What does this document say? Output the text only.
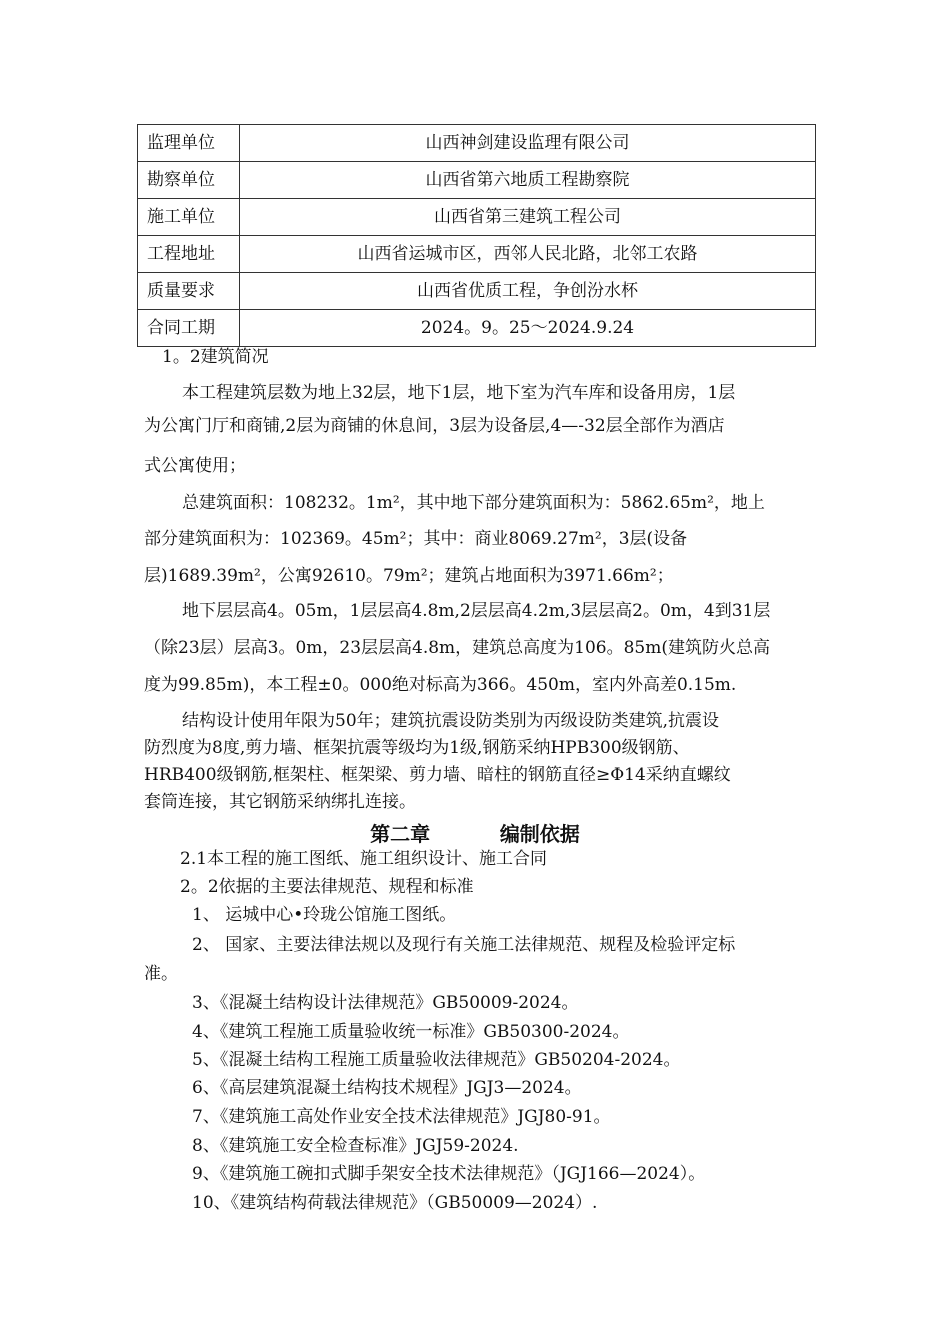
监理单位	山西神剑建设监理有限公司
勘察单位	山西省第六地质工程勘察院
施工单位	山西省第三建筑工程公司
工程地址	山西省运城市区，西邻人民北路，北邻工农路
质量要求	山西省优质工程，争创汾水杯
合同工期	2024。9。25～2024.9.24
1。2建筑简况
本工程建筑层数为地上32层，地下1层，地下室为汽车库和设备用房，1层
为公寓门厅和商铺,2层为商铺的休息间，3层为设备层,4—-32层全部作为酒店
式公寓使用；
总建筑面积：108232。1m²，其中地下部分建筑面积为：5862.65m²，地上
部分建筑面积为：102369。45m²；其中：商业8069.27m²，3层(设备
层)1689.39m²，公寓92610。79m²；建筑占地面积为3971.66m²；
地下层层高4。05m，1层层高4.8m,2层层高4.2m,3层层高2。0m，4到31层
（除23层）层高3。0m，23层层高4.8m，建筑总高度为106。85m(建筑防火总高
度为99.85m)，本工程±0。000绝对标高为366。450m，室内外高差0.15m.
结构设计使用年限为50年；建筑抗震设防类别为丙级设防类建筑,抗震设
防烈度为8度,剪力墙、框架抗震等级均为1级,钢筋采纳HPB300级钢筋、
HRB400级钢筋,框架柱、框架梁、剪力墙、暗柱的钢筋直径≥Φ14采纳直螺纹
套筒连接，其它钢筋采纳绑扎连接。
第二章	编制依据
2.1本工程的施工图纸、施工组织设计、施工合同
2。2依据的主要法律规范、规程和标准
1、 运城中心•玲珑公馆施工图纸。
2、 国家、主要法律法规以及现行有关施工法律规范、规程及检验评定标
准。
3、《混凝土结构设计法律规范》GB50009-2024。
4、《建筑工程施工质量验收统一标准》GB50300-2024。
5、《混凝土结构工程施工质量验收法律规范》GB50204-2024。
6、《高层建筑混凝土结构技术规程》JGJ3—2024。
7、《建筑施工高处作业安全技术法律规范》JGJ80-91。
8、《建筑施工安全检查标准》JGJ59-2024.
9、《建筑施工碗扣式脚手架安全技术法律规范》（JGJ166—2024）。
10、《建筑结构荷载法律规范》（GB50009—2024）.
